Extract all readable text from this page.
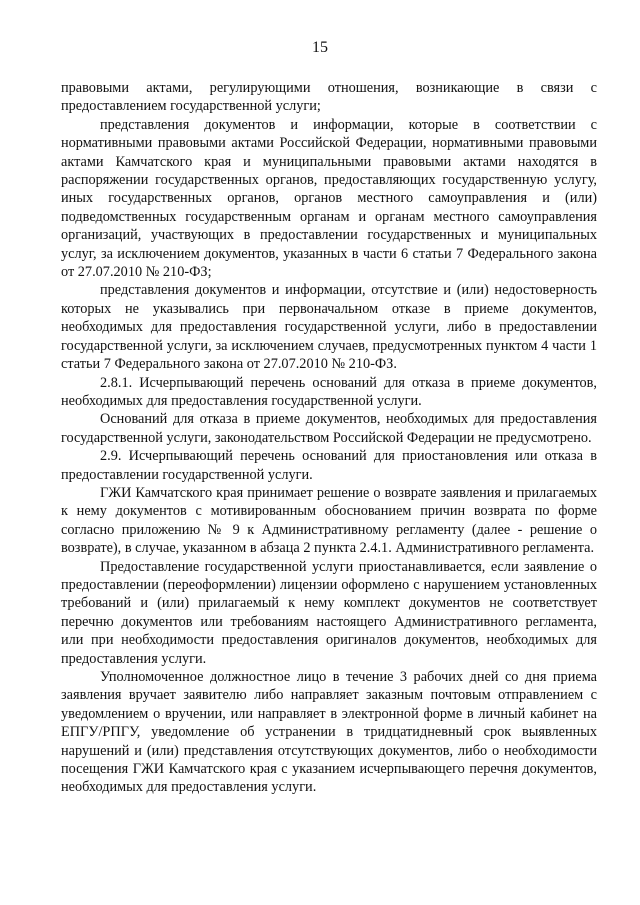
15

правовыми актами, регулирующими отношения, возникающие в связи с предоставлением государственной услуги;

представления документов и информации, которые в соответствии с нормативными правовыми актами Российской Федерации, нормативными правовыми актами Камчатского края и муниципальными правовыми актами находятся в распоряжении государственных органов, предоставляющих государственную услугу, иных государственных органов, органов местного самоуправления и (или) подведомственных государственным органам и органам местного самоуправления организаций, участвующих в предоставлении государственных и муниципальных услуг, за исключением документов, указанных в части 6 статьи 7 Федерального закона от 27.07.2010 № 210-ФЗ;

представления документов и информации, отсутствие и (или) недостоверность которых не указывались при первоначальном отказе в приеме документов, необходимых для предоставления государственной услуги, либо в предоставлении государственной услуги, за исключением случаев, предусмотренных пунктом 4 части 1 статьи 7 Федерального закона от 27.07.2010 № 210-ФЗ.

2.8.1. Исчерпывающий перечень оснований для отказа в приеме документов, необходимых для предоставления государственной услуги.

Оснований для отказа в приеме документов, необходимых для предоставления государственной услуги, законодательством Российской Федерации не предусмотрено.

2.9. Исчерпывающий перечень оснований для приостановления или отказа в предоставлении государственной услуги.

ГЖИ Камчатского края принимает решение о возврате заявления и прилагаемых к нему документов с мотивированным обоснованием причин возврата по форме согласно приложению № 9 к Административному регламенту (далее - решение о возврате), в случае, указанном в абзаца 2 пункта 2.4.1. Административного регламента.

Предоставление государственной услуги приостанавливается, если заявление о предоставлении (переоформлении) лицензии оформлено с нарушением установленных требований и (или) прилагаемый к нему комплект документов не соответствует перечню документов или требованиям настоящего Административного регламента, или при необходимости предоставления оригиналов документов, необходимых для предоставления услуги.

Уполномоченное должностное лицо в течение 3 рабочих дней со дня приема заявления вручает заявителю либо направляет заказным почтовым отправлением с уведомлением о вручении, или направляет в электронной форме в личный кабинет на ЕПГУ/РПГУ, уведомление об устранении в тридцатидневный срок выявленных нарушений и (или) представления отсутствующих документов, либо о необходимости посещения ГЖИ Камчатского края с указанием исчерпывающего перечня документов, необходимых для предоставления услуги.
